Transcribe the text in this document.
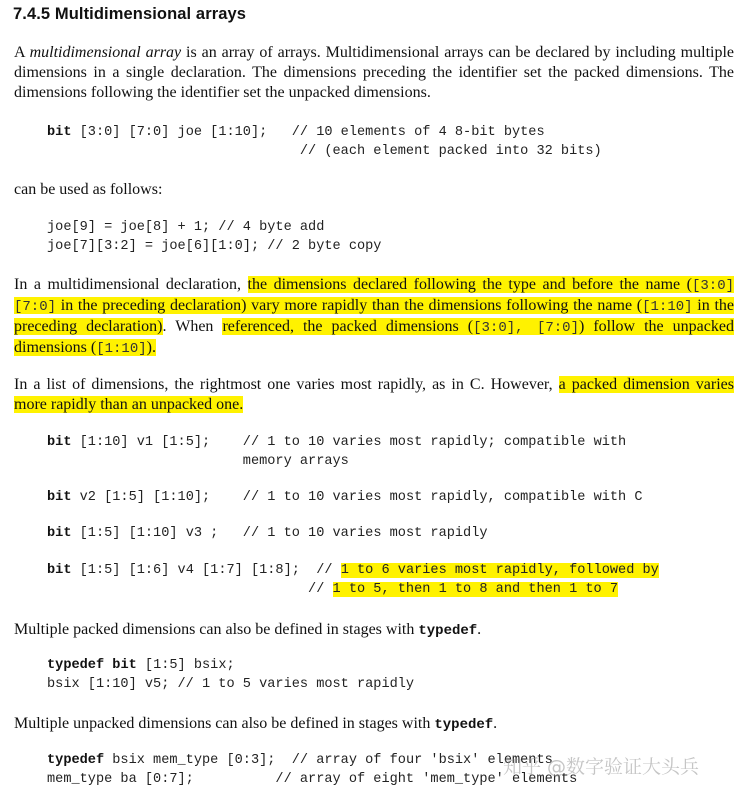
7.4.5 Multidimensional arrays
A multidimensional array is an array of arrays. Multidimensional arrays can be declared by including multiple dimensions in a single declaration. The dimensions preceding the identifier set the packed dimensions. The dimensions following the identifier set the unpacked dimensions.
bit [3:0] [7:0] joe [1:10];   // 10 elements of 4 8-bit bytes
// (each element packed into 32 bits)
can be used as follows:
joe[9] = joe[8] + 1; // 4 byte add
joe[7][3:2] = joe[6][1:0]; // 2 byte copy
In a multidimensional declaration, the dimensions declared following the type and before the name ([3:0][7:0] in the preceding declaration) vary more rapidly than the dimensions following the name ([1:10] in the preceding declaration). When referenced, the packed dimensions ([3:0], [7:0]) follow the unpacked dimensions ([1:10]).
In a list of dimensions, the rightmost one varies most rapidly, as in C. However, a packed dimension varies more rapidly than an unpacked one.
bit [1:10] v1 [1:5];    // 1 to 10 varies most rapidly; compatible with
memory arrays
bit v2 [1:5] [1:10];    // 1 to 10 varies most rapidly, compatible with C
bit [1:5] [1:10] v3 ;   // 1 to 10 varies most rapidly
bit [1:5] [1:6] v4 [1:7] [1:8];  // 1 to 6 varies most rapidly, followed by
// 1 to 5, then 1 to 8 and then 1 to 7
Multiple packed dimensions can also be defined in stages with typedef.
typedef bit [1:5] bsix;
bsix [1:10] v5; // 1 to 5 varies most rapidly
Multiple unpacked dimensions can also be defined in stages with typedef.
typedef bsix mem_type [0:3];  // array of four 'bsix' elements
mem_type ba [0:7];          // array of eight 'mem_type' elements
知乎 @数字验证大头兵
